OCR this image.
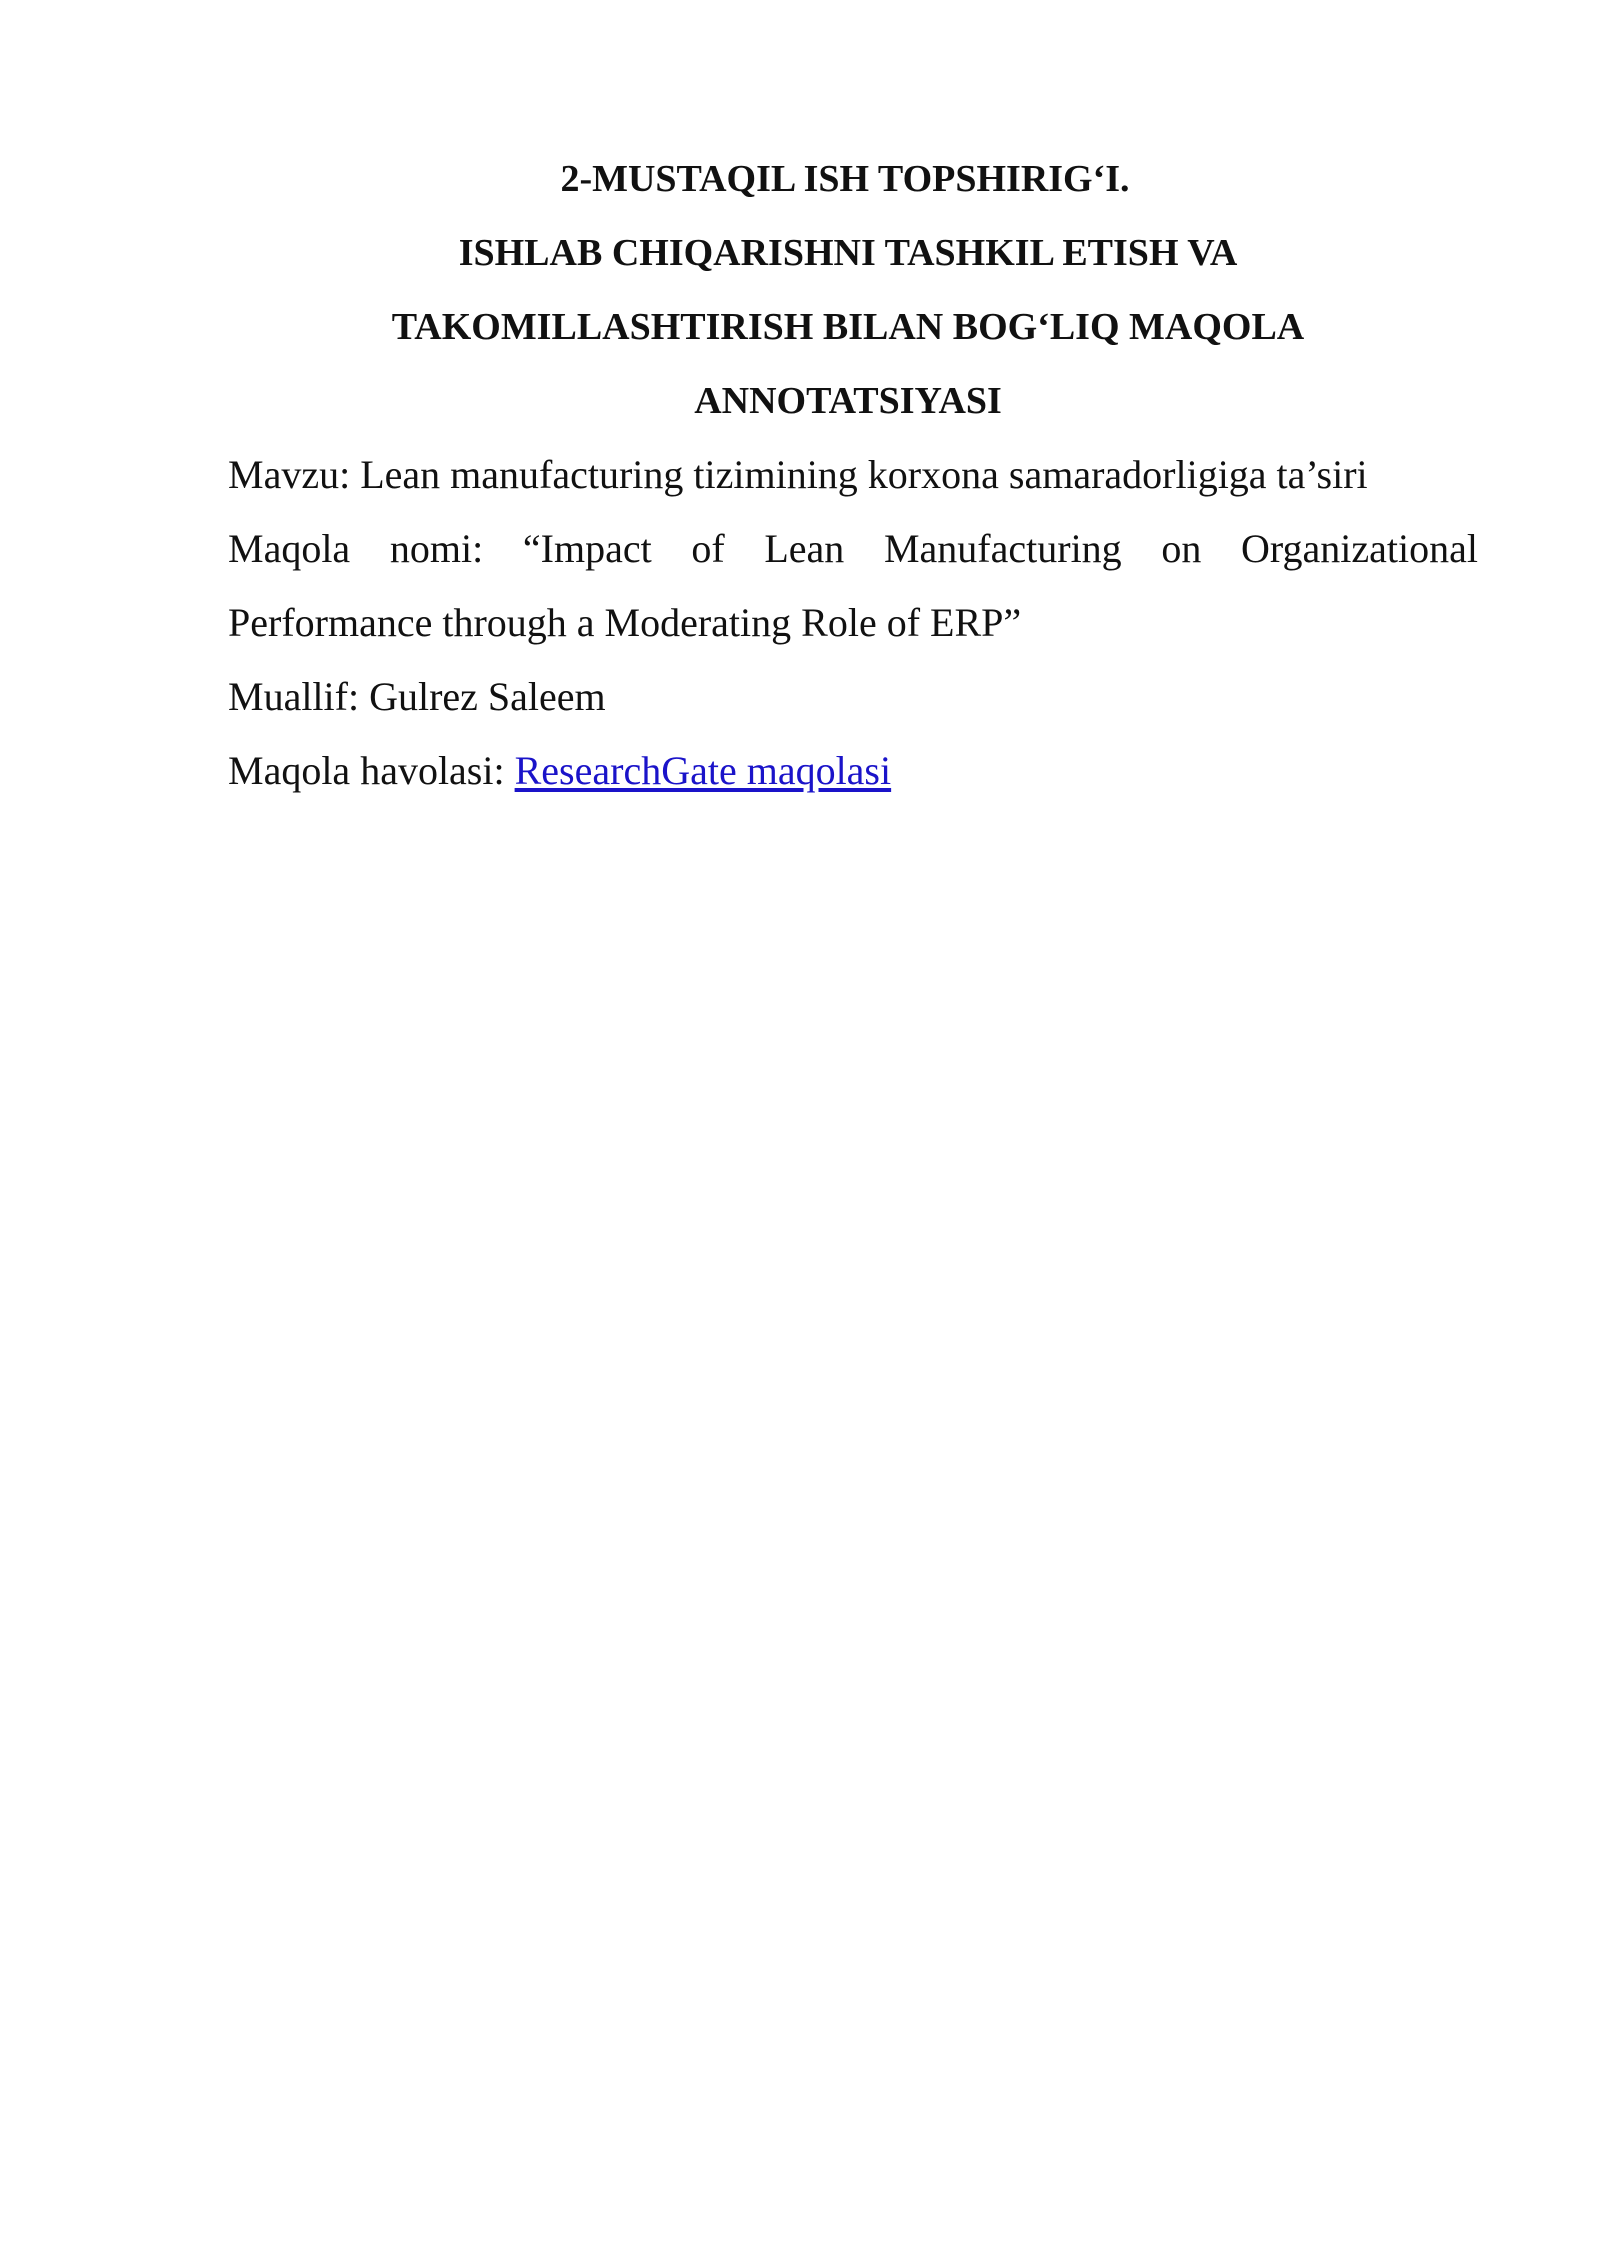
2-MUSTAQIL ISH TOPSHIRIG‘I.
ISHLAB CHIQARISHNI TASHKIL ETISH VA
TAKOMILLASHTIRISH BILAN BOG‘LIQ MAQOLA
ANNOTATSIYASI
Mavzu: Lean manufacturing tizimining korxona samaradorligiga ta’siri
Maqola nomi: “Impact of Lean Manufacturing on Organizational
Performance through a Moderating Role of ERP”
Muallif: Gulrez Saleem
Maqola havolasi: ResearchGate maqolasi
